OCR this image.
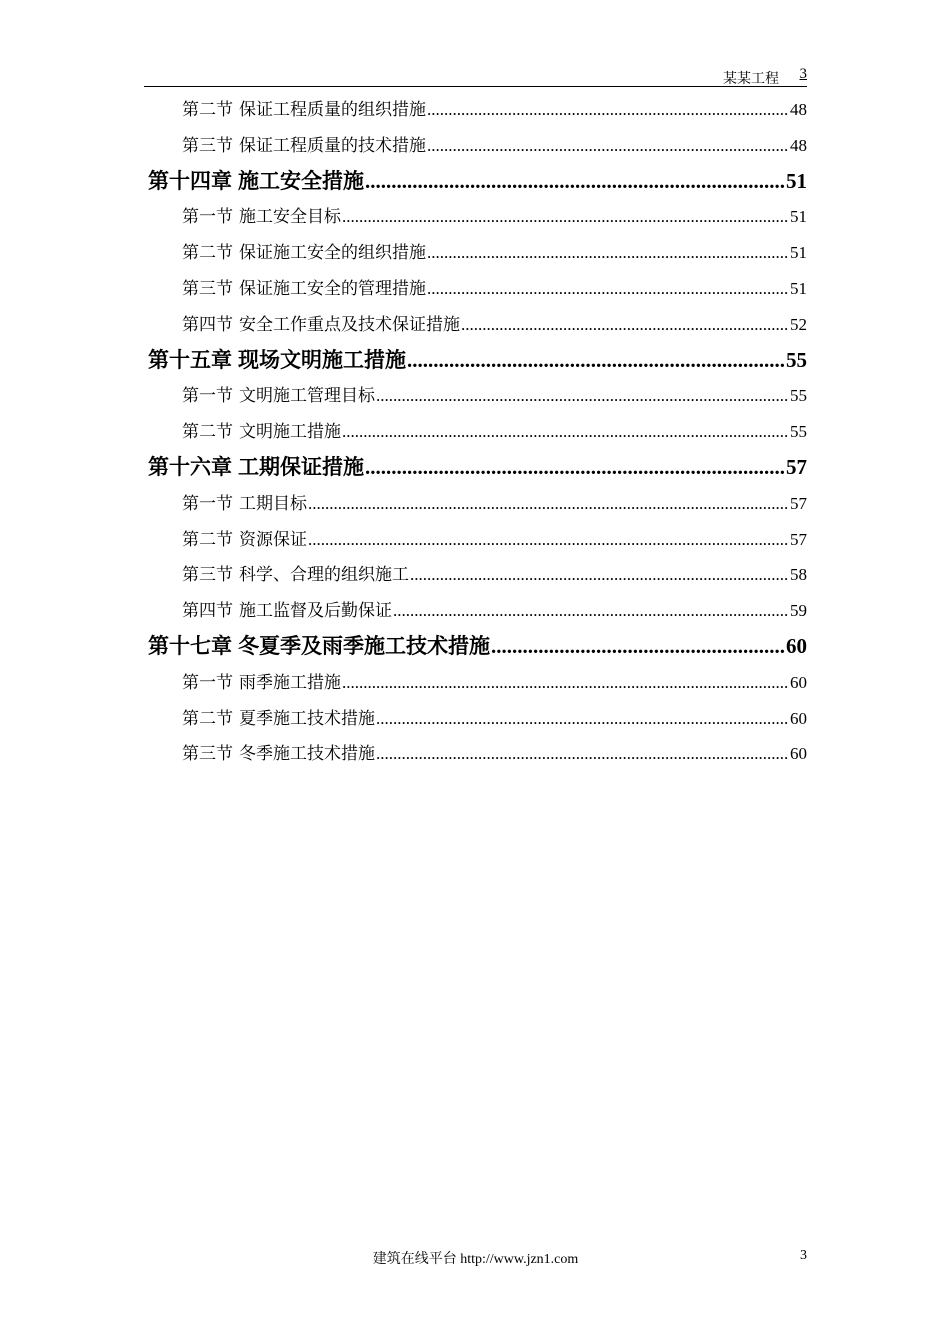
某某工程 3
第二节 保证工程质量的组织措施 .....	48
第三节 保证工程质量的技术措施 .....	48
第十四章 施工安全措施 .....	51
第一节 施工安全目标 .....	51
第二节 保证施工安全的组织措施 .....	51
第三节 保证施工安全的管理措施 .....	51
第四节 安全工作重点及技术保证措施 .....	52
第十五章 现场文明施工措施 .....	55
第一节 文明施工管理目标 .....	55
第二节 文明施工措施 .....	55
第十六章 工期保证措施 .....	57
第一节 工期目标 .....	57
第二节 资源保证 .....	57
第三节 科学、合理的组织施工 .....	58
第四节 施工监督及后勤保证 .....	59
第十七章 冬夏季及雨季施工技术措施 .....	60
第一节 雨季施工措施 .....	60
第二节 夏季施工技术措施 .....	60
第三节 冬季施工技术措施 .....	60
建筑在线平台 http://www.jzn1.com	3
